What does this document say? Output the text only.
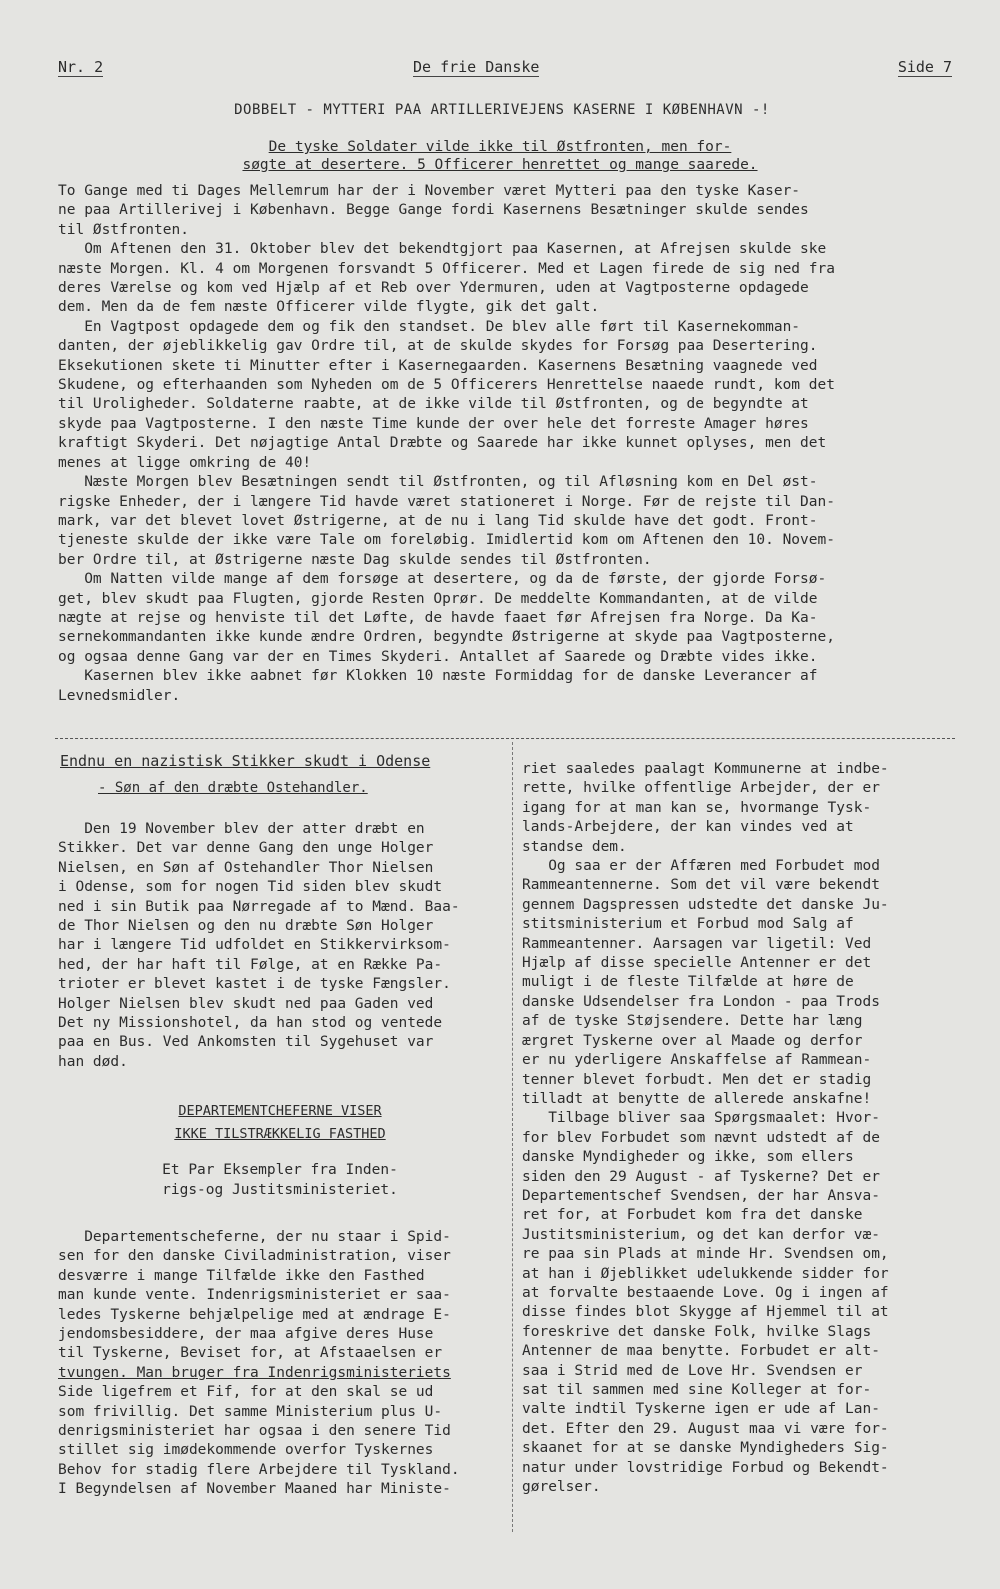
Nr. 2	De frie Danske	Side 7
DOBBELT - MYTTERI PAA ARTILLERIVEJENS KASERNE I KØBENHAVN -!
De tyske Soldater vilde ikke til Østfronten, men for-
søgte at desertere. 5 Officerer henrettet og mange saarede.
To Gange med ti Dages Mellemrum har der i November været Mytteri paa den tyske Kaser-
ne paa Artillerivej i København. Begge Gange fordi Kasernens Besætninger skulde sendes
til Østfronten.
Om Aftenen den 31. Oktober blev det bekendtgjort paa Kasernen, at Afrejsen skulde ske
næste Morgen. Kl. 4 om Morgenen forsvandt 5 Officerer. Med et Lagen firede de sig ned fra
deres Værelse og kom ved Hjælp af et Reb over Ydermuren, uden at Vagtposterne opdagede
dem. Men da de fem næste Officerer vilde flygte, gik det galt.
En Vagtpost opdagede dem og fik den standset. De blev alle ført til Kasernekomman-
danten, der øjeblikkelig gav Ordre til, at de skulde skydes for Forsøg paa Desertering.
Eksekutionen skete ti Minutter efter i Kasernegaarden. Kasernens Besætning vaagnede ved
Skudene, og efterhaanden som Nyheden om de 5 Officerers Henrettelse naaede rundt, kom det
til Uroligheder. Soldaterne raabte, at de ikke vilde til Østfronten, og de begyndte at
skyde paa Vagtposterne. I den næste Time kunde der over hele det forreste Amager høres
kraftigt Skyderi. Det nøjagtige Antal Dræbte og Saarede har ikke kunnet oplyses, men det
menes at ligge omkring de 40!
Næste Morgen blev Besætningen sendt til Østfronten, og til Afløsning kom en Del øst-
rigske Enheder, der i længere Tid havde været stationeret i Norge. Før de rejste til Dan-
mark, var det blevet lovet Østrigerne, at de nu i lang Tid skulde have det godt. Front-
tjeneste skulde der ikke være Tale om foreløbig. Imidlertid kom om Aftenen den 10. Novem-
ber Ordre til, at Østrigerne næste Dag skulde sendes til Østfronten.
Om Natten vilde mange af dem forsøge at desertere, og da de første, der gjorde Forsø-
get, blev skudt paa Flugten, gjorde Resten Oprør. De meddelte Kommandanten, at de vilde
nægte at rejse og henviste til det Løfte, de havde faaet før Afrejsen fra Norge. Da Ka-
sernekommandanten ikke kunde ændre Ordren, begyndte Østrigerne at skyde paa Vagtposterne,
og ogsaa denne Gang var der en Times Skyderi. Antallet af Saarede og Dræbte vides ikke.
Kasernen blev ikke aabnet før Klokken 10 næste Formiddag for de danske Leverancer af
Levnedsmidler.
Endnu en nazistisk Stikker skudt i Odense
- Søn af den dræbte Ostehandler.
Den 19 November blev der atter dræbt en
Stikker. Det var denne Gang den unge Holger
Nielsen, en Søn af Ostehandler Thor Nielsen
i Odense, som for nogen Tid siden blev skudt
ned i sin Butik paa Nørregade af to Mænd. Baa-
de Thor Nielsen og den nu dræbte Søn Holger
har i længere Tid udfoldet en Stikkervirksom-
hed, der har haft til Følge, at en Række Pa-
trioter er blevet kastet i de tyske Fængsler.
Holger Nielsen blev skudt ned paa Gaden ved
Det ny Missionshotel, da han stod og ventede
paa en Bus. Ved Ankomsten til Sygehuset var
han død.
DEPARTEMENTCHEFERNE VISER
IKKE TILSTRÆKKELIG FASTHED
Et Par Eksempler fra Inden-
rigs-og Justitsministeriet.
Departementscheferne, der nu staar i Spid-
sen for den danske Civiladministration, viser
desværre i mange Tilfælde ikke den Fasthed
man kunde vente. Indenrigsministeriet er saa-
ledes Tyskerne behjælpelige med at ændrage E-
jendomsbesiddere, der maa afgive deres Huse
til Tyskerne, Beviset for, at Afstaaelsen er
tvungen. Man bruger fra Indenrigsministeriets
Side ligefrem et Fif, for at den skal se ud
som frivillig. Det samme Ministerium plus U-
denrigsministeriet har ogsaa i den senere Tid
stillet sig imødekommende overfor Tyskernes
Behov for stadig flere Arbejdere til Tyskland.
I Begyndelsen af November Maaned har Ministe-
riet saaledes paalagt Kommunerne at indbe-
rette, hvilke offentlige Arbejder, der er
igang for at man kan se, hvormange Tysk-
lands-Arbejdere, der kan vindes ved at
standse dem.
Og saa er der Affæren med Forbudet mod
Rammeantennerne. Som det vil være bekendt
gennem Dagspressen udstedte det danske Ju-
stitsministerium et Forbud mod Salg af
Rammeantenner. Aarsagen var ligetil: Ved
Hjælp af disse specielle Antenner er det
muligt i de fleste Tilfælde at høre de
danske Udsendelser fra London - paa Trods
af de tyske Støjsendere. Dette har læng
ærgret Tyskerne over al Maade og derfor
er nu yderligere Anskaffelse af Rammean-
tenner blevet forbudt. Men det er stadig
tilladt at benytte de allerede anskafne!
Tilbage bliver saa Spørgsmaalet: Hvor-
for blev Forbudet som nævnt udstedt af de
danske Myndigheder og ikke, som ellers
siden den 29 August - af Tyskerne? Det er
Departementschef Svendsen, der har Ansva-
ret for, at Forbudet kom fra det danske
Justitsministerium, og det kan derfor væ-
re paa sin Plads at minde Hr. Svendsen om,
at han i Øjeblikket udelukkende sidder for
at forvalte bestaaende Love. Og i ingen af
disse findes blot Skygge af Hjemmel til at
foreskrive det danske Folk, hvilke Slags
Antenner de maa benytte. Forbudet er alt-
saa i Strid med de Love Hr. Svendsen er
sat til sammen med sine Kolleger at for-
valte indtil Tyskerne igen er ude af Lan-
det. Efter den 29. August maa vi være for-
skaanet for at se danske Myndigheders Sig-
natur under lovstridige Forbud og Bekendt-
gørelser.
